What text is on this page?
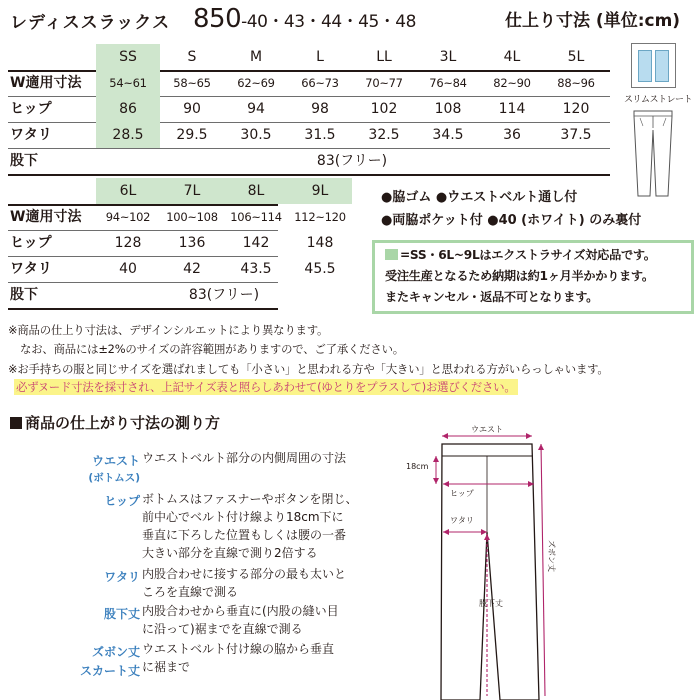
レディススラックス 850-40・43・44・45・48	仕上り寸法 (単位:cm)
SS	S	M	L	LL	3L	4L	5L
W適用寸法	54~61	58~65	62~69	66~73	70~77	76~84	82~90	88~96
ヒップ	86	90	94	98	102	108	114	120
ワタリ	28.5	29.5	30.5	31.5	32.5	34.5	36	37.5
股下	83(フリー)
6L	7L	8L	9L
W適用寸法	94~102	100~108	106~114	112~120
ヒップ	128	136	142	148
ワタリ	40	42	43.5	45.5
股下	83(フリー)
スリムストレート
●脇ゴム ●ウエストベルト通し付
●両脇ポケット付 ●40 (ホワイト) のみ裏付
=SS・6L~9Lはエクストラサイズ対応品です。
受注生産となるため納期は約1ヶ月半かかります。
またキャンセル・返品不可となります。
※商品の仕上り寸法は、デザインシルエットにより異なります。
なお、商品には±2%のサイズの許容範囲がありますので、ご了承ください。
※お手持ちの服と同じサイズを選ばれましても「小さい」と思われる方や「大きい」と思われる方がいらっしゃいます。
必ずヌード寸法を採寸され、上記サイズ表と照らしあわせて(ゆとりをプラスして)お選びください。
商品の仕上がり寸法の測り方
ウエスト
(ボトムス)
ウエストベルト部分の内側周囲の寸法
ヒップ ボトムスはファスナーやボタンを閉じ、
前中心でベルト付け線より18cm下に
垂直に下ろした位置もしくは腰の一番
大きい部分を直線で測り2倍する
ワタリ 内股合わせに接する部分の最も太いと
ころを直線で測る
股下丈 内股合わせから垂直に(内股の縫い目
に沿って)裾までを直線で測る
ズボン丈
スカート丈
ウエストベルト付け線の脇から垂直
に裾まで
ウエスト
18cm
ヒップ
ワタリ
股下丈
ズボン丈
